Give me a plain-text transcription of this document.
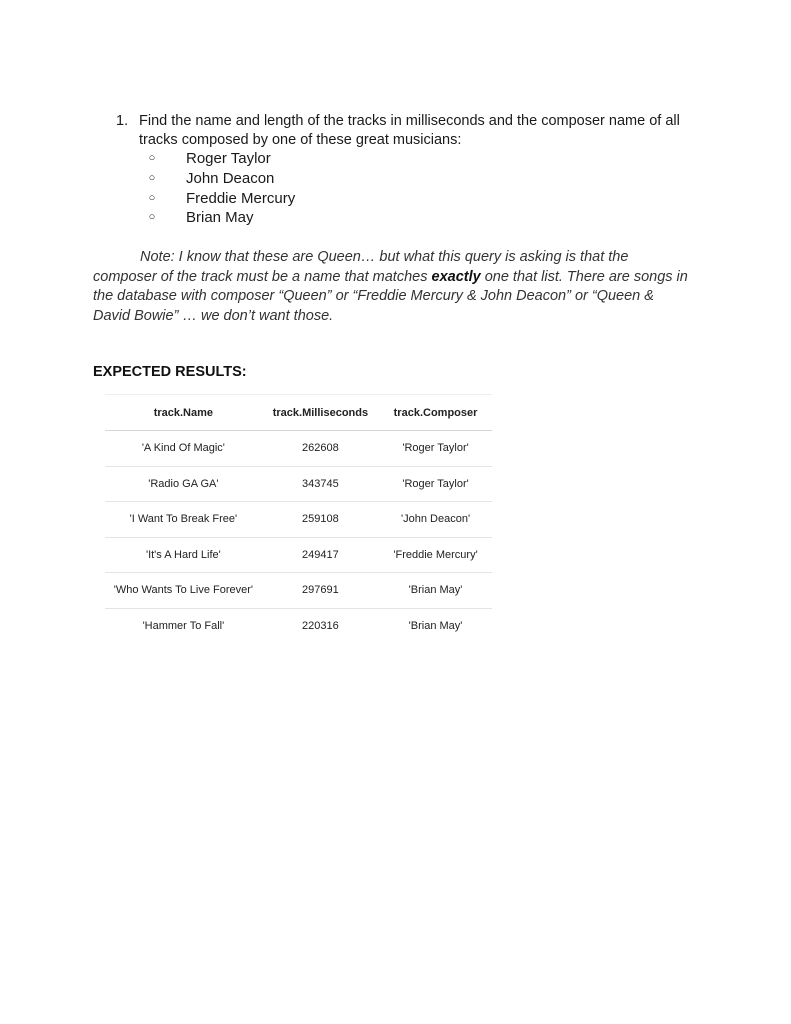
1. Find the name and length of the tracks in milliseconds and the composer name of all tracks composed by one of these great musicians:
○ Roger Taylor
○ John Deacon
○ Freddie Mercury
○ Brian May
Note: I know that these are Queen… but what this query is asking is that the composer of the track must be a name that matches exactly one that list. There are songs in the database with composer “Queen” or “Freddie Mercury & John Deacon” or “Queen & David Bowie” … we don’t want those.
EXPECTED RESULTS:
track.Name	track.Milliseconds	track.Composer
'A Kind Of Magic'	262608	'Roger Taylor'
'Radio GA GA'	343745	'Roger Taylor'
'I Want To Break Free'	259108	'John Deacon'
'It's A Hard Life'	249417	'Freddie Mercury'
'Who Wants To Live Forever'	297691	'Brian May'
'Hammer To Fall'	220316	'Brian May'
